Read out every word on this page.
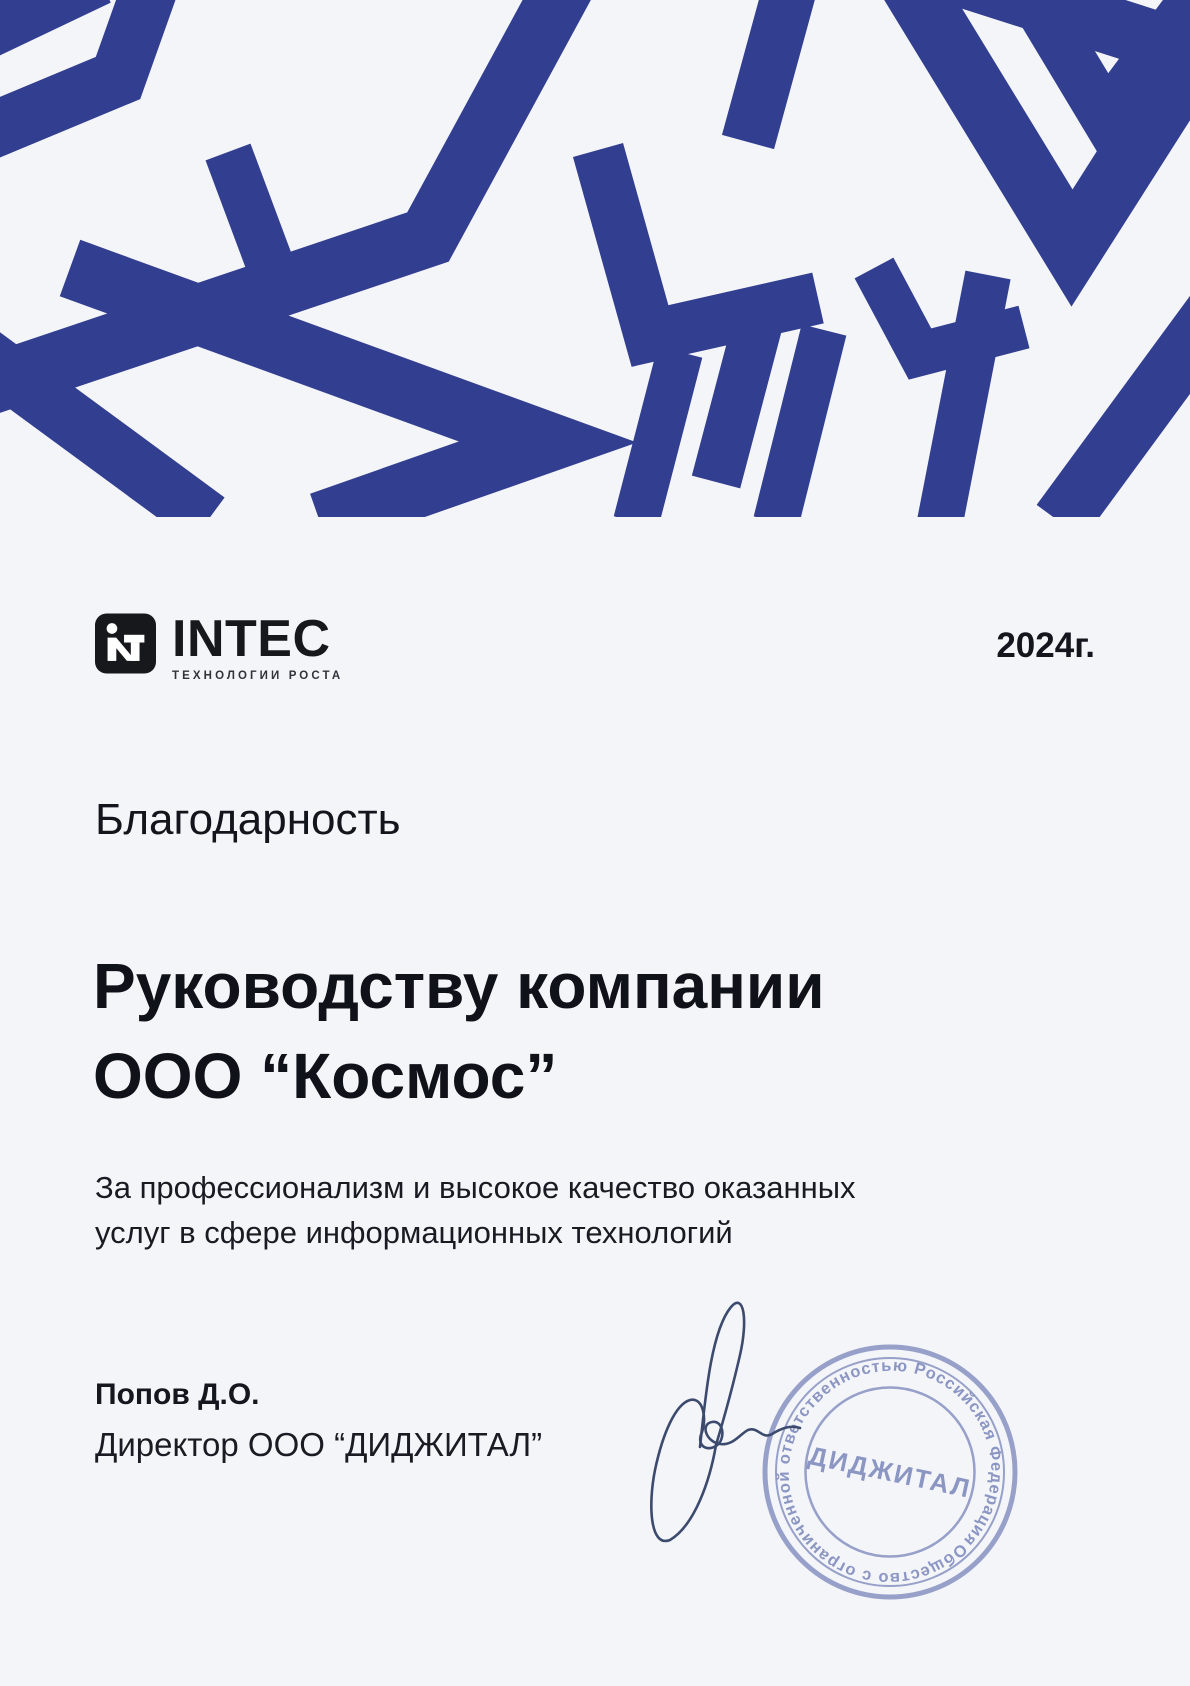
INTEC
ТЕХНОЛОГИИ РОСТА
2024г.
Благодарность
Руководству компании
ООО “Космос”
За профессионализм и высокое качество оказанных услуг в сфере информационных технологий
Попов Д.О.
Директор ООО “ДИДЖИТАЛ”
Общество с ограниченной ответственностью Российская Федерация
ДИДЖИТАЛ
